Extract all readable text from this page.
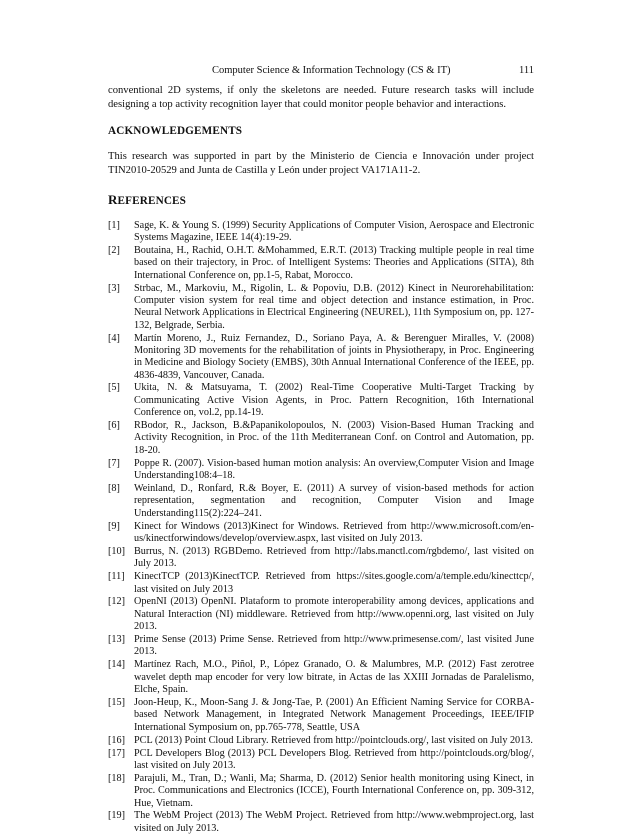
Computer Science & Information Technology (CS & IT)	111

conventional 2D systems, if only the skeletons are needed. Future research tasks will include designing a top activity recognition layer that could monitor people behavior and interactions.

ACKNOWLEDGEMENTS

This research was supported in part by the Ministerio de Ciencia e Innovación under project TIN2010-20529 and Junta de Castilla y León under project VA171A11-2.

REFERENCES
[1] Sage, K. & Young S. (1999) Security Applications of Computer Vision, Aerospace and Electronic Systems Magazine, IEEE 14(4):19-29.
[2] Boutaina, H., Rachid, O.H.T. &Mohammed, E.R.T. (2013) Tracking multiple people in real time based on their trajectory, in Proc. of Intelligent Systems: Theories and Applications (SITA), 8th International Conference on, pp.1-5, Rabat, Morocco.
[3] Strbac, M., Markoviu, M., Rigolin, L. & Popoviu, D.B. (2012) Kinect in Neurorehabilitation: Computer vision system for real time and object detection and instance estimation, in Proc. Neural Network Applications in Electrical Engineering (NEUREL), 11th Symposium on, pp. 127-132, Belgrade, Serbia.
[4] Martín Moreno, J., Ruiz Fernandez, D., Soriano Paya, A. & Berenguer Miralles, V. (2008) Monitoring 3D movements for the rehabilitation of joints in Physiotherapy, in Proc. Engineering in Medicine and Biology Society (EMBS), 30th Annual International Conference of the IEEE, pp. 4836-4839, Vancouver, Canada.
[5] Ukita, N. & Matsuyama, T. (2002) Real-Time Cooperative Multi-Target Tracking by Communicating Active Vision Agents, in Proc. Pattern Recognition, 16th International Conference on, vol.2, pp.14-19.
[6] RBodor, R., Jackson, B.&Papanikolopoulos, N. (2003) Vision-Based Human Tracking and Activity Recognition, in Proc. of the 11th Mediterranean Conf. on Control and Automation, pp. 18-20.
[7] Poppe R. (2007). Vision-based human motion analysis: An overview,Computer Vision and Image Understanding108:4–18.
[8] Weinland, D., Ronfard, R.& Boyer, E. (2011) A survey of vision-based methods for action representation, segmentation and recognition, Computer Vision and Image Understanding115(2):224–241.
[9] Kinect for Windows (2013)Kinect for Windows. Retrieved from http://www.microsoft.com/en-us/kinectforwindows/develop/overview.aspx, last visited on July 2013.
[10] Burrus, N. (2013) RGBDemo. Retrieved from http://labs.manctl.com/rgbdemo/, last visited on July 2013.
[11] KinectTCP (2013)KinectTCP. Retrieved from https://sites.google.com/a/temple.edu/kinecttcp/, last visited on July 2013
[12] OpenNI (2013) OpenNI. Plataform to promote interoperability among devices, applications and Natural Interaction (NI) middleware. Retrieved from http://www.openni.org, last visited on July 2013.
[13] Prime Sense (2013) Prime Sense. Retrieved from http://www.primesense.com/, last visited June 2013.
[14] Martínez Rach, M.O., Piñol, P., López Granado, O. & Malumbres, M.P. (2012) Fast zerotree wavelet depth map encoder for very low bitrate, in Actas de las XXIII Jornadas de Paralelismo, Elche, Spain.
[15] Joon-Heup, K., Moon-Sang J. & Jong-Tae, P. (2001) An Efficient Naming Service for CORBA-based Network Management, in Integrated Network Management Proceedings, IEEE/IFIP International Symposium on, pp.765-778, Seattle, USA
[16] PCL (2013) Point Cloud Library. Retrieved from http://pointclouds.org/, last visited on July 2013.
[17] PCL Developers Blog (2013) PCL Developers Blog. Retrieved from http://pointclouds.org/blog/, last visited on July 2013.
[18] Parajuli, M., Tran, D.; Wanli, Ma; Sharma, D. (2012) Senior health monitoring using Kinect, in Proc. Communications and Electronics (ICCE), Fourth International Conference on, pp. 309-312, Hue, Vietnam.
[19] The WebM Project (2013) The WebM Project. Retrieved from http://www.webmproject.org, last visited on July 2013.
